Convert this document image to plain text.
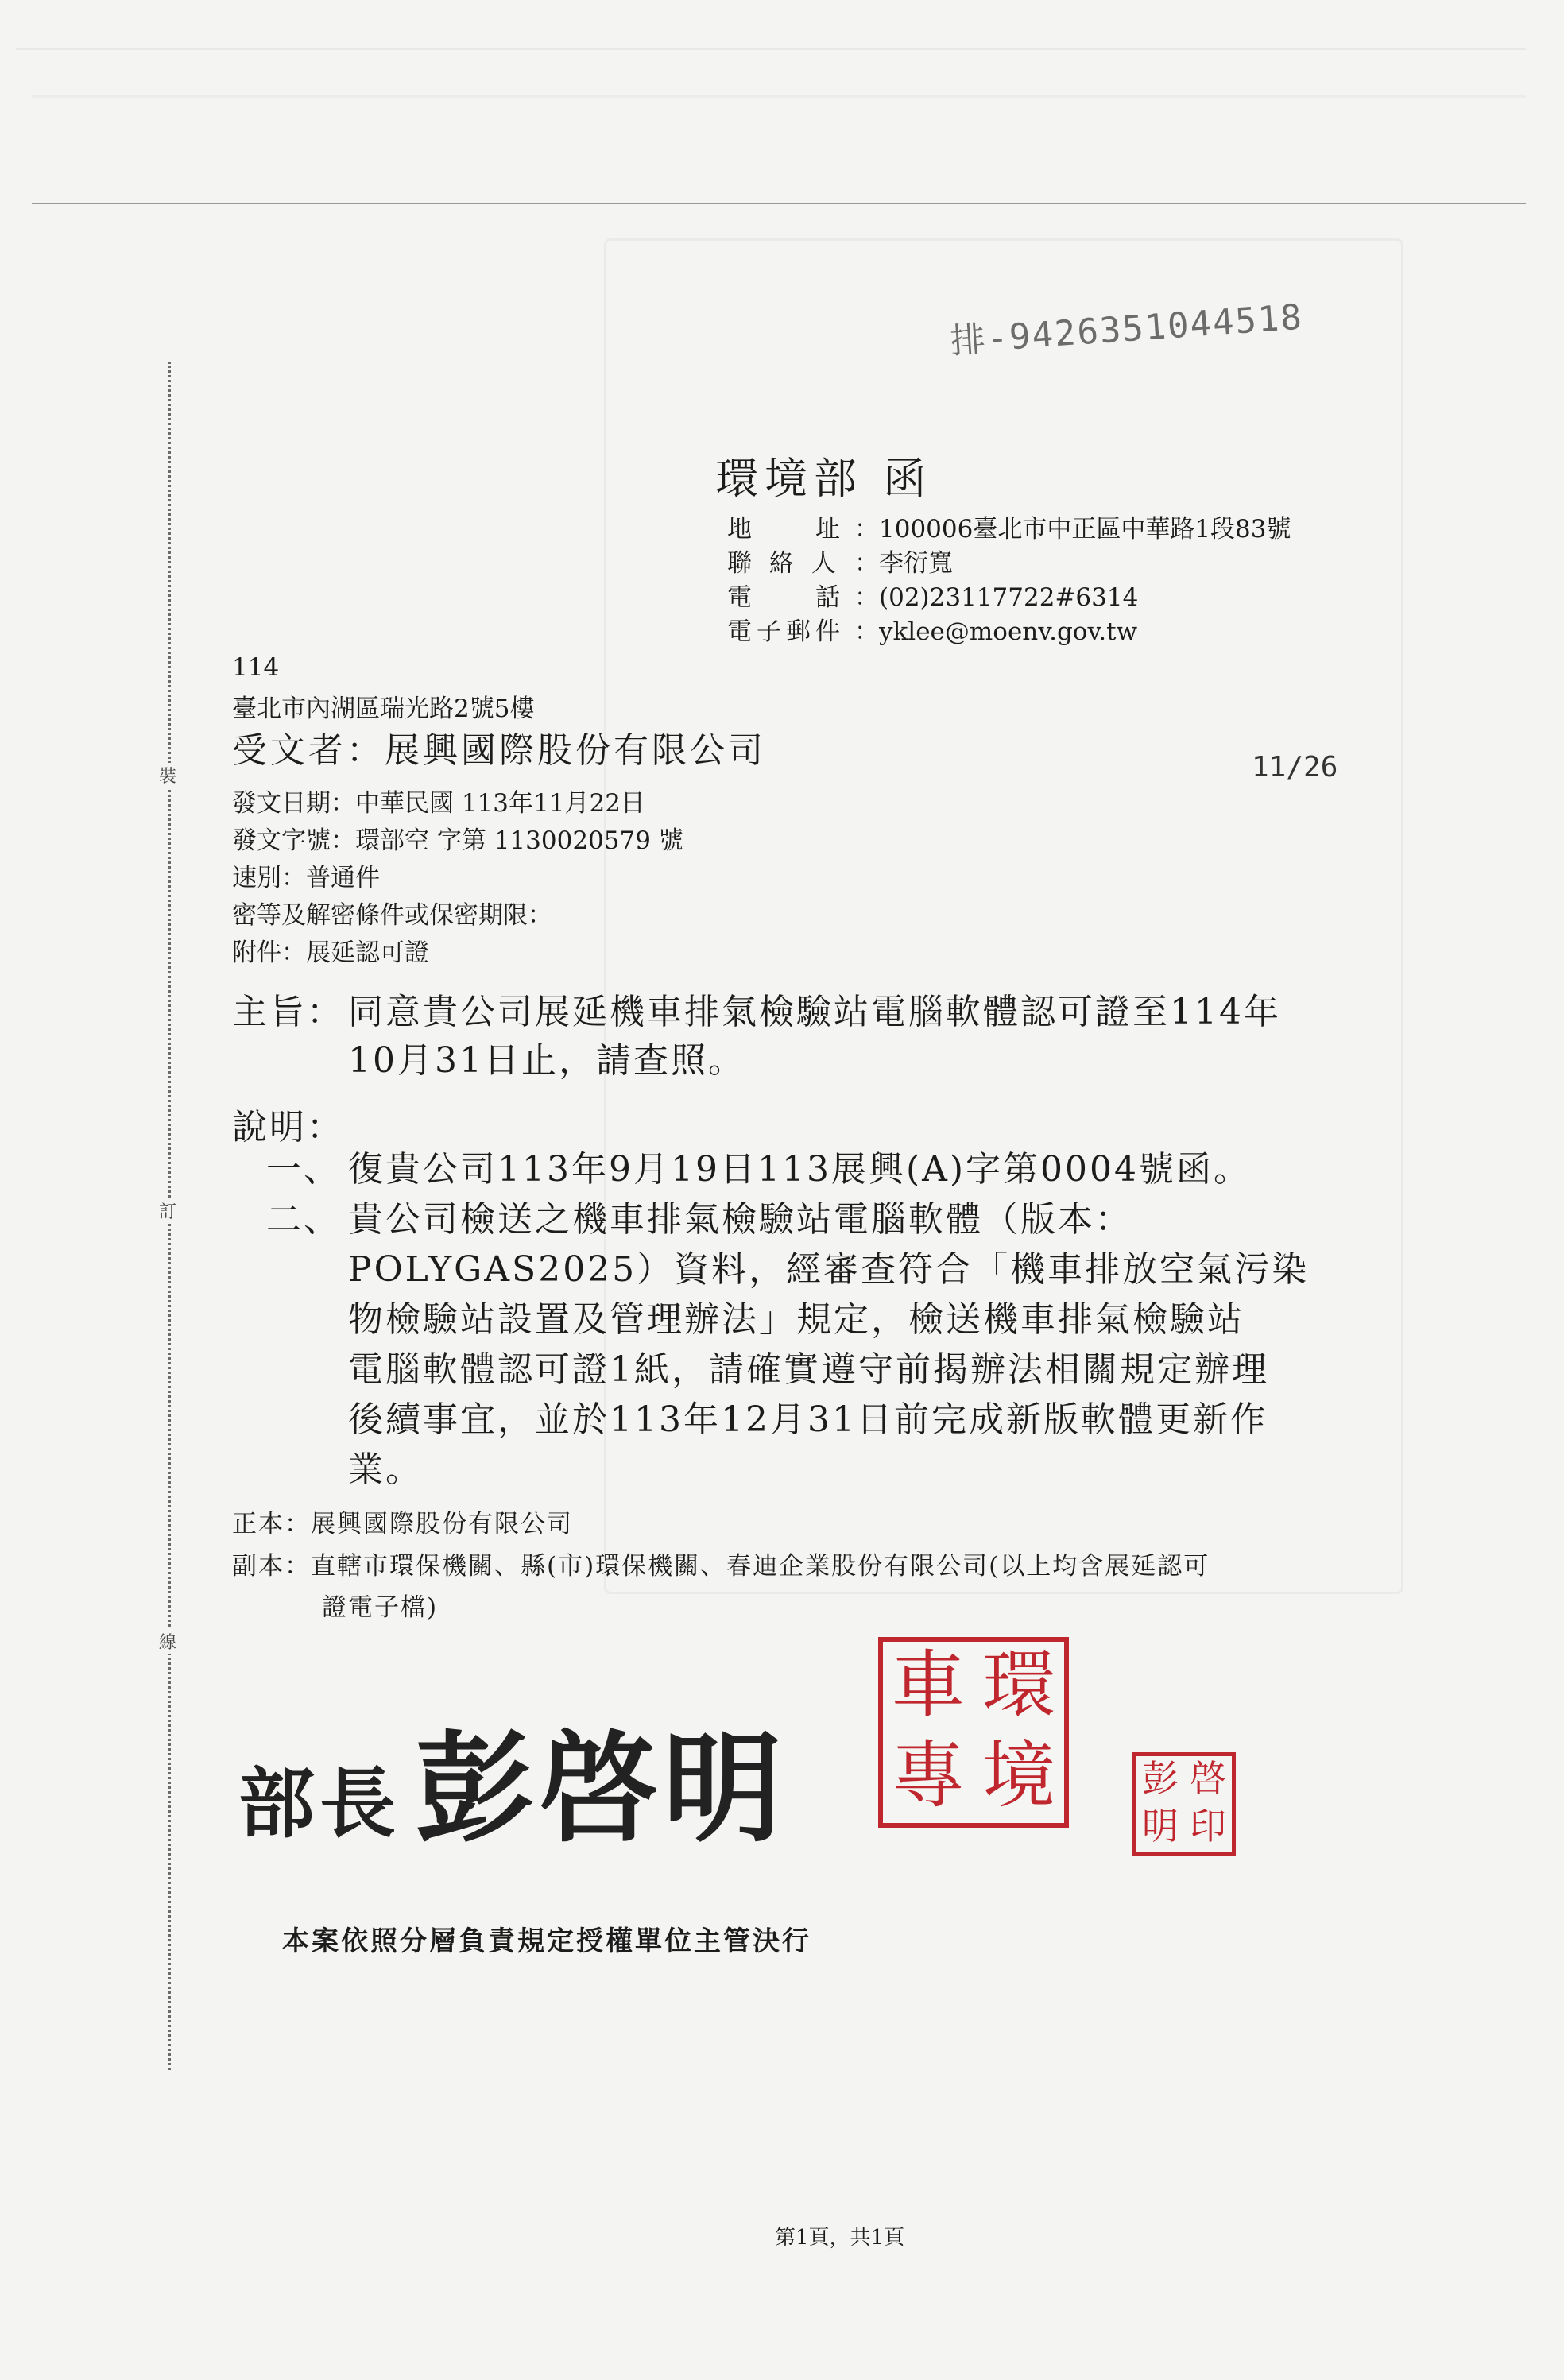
排-9426351044518
11/26
裝
訂
線
環境部 函
地　　址 ：100006臺北市中正區中華路1段83號
聯 絡 人 ：李衍寬
電　　話 ：(02)23117722#6314
電子郵件 ：yklee@moenv.gov.tw
114
臺北市內湖區瑞光路2號5樓
受文者：展興國際股份有限公司
發文日期：中華民國 113年11月22日
發文字號：環部空 字第 1130020579 號
速別：普通件
密等及解密條件或保密期限：
附件：展延認可證
主旨： 同意貴公司展延機車排氣檢驗站電腦軟體認可證至114年
10月31日止，請查照。
說明：
一、 復貴公司113年9月19日113展興(A)字第0004號函。
二、 貴公司檢送之機車排氣檢驗站電腦軟體（版本：
POLYGAS2025）資料，經審查符合「機車排放空氣污染
物檢驗站設置及管理辦法」規定，檢送機車排氣檢驗站
電腦軟體認可證1紙，請確實遵守前揭辦法相關規定辦理
後續事宜，並於113年12月31日前完成新版軟體更新作
業。
正本：展興國際股份有限公司
副本：直轄市環保機關、縣(市)環保機關、春迪企業股份有限公司(以上均含展延認可
證電子檔)
部長 彭啓明
車 環
專 境 彭 啓
明 印
本案依照分層負責規定授權單位主管決行
第1頁，共1頁
